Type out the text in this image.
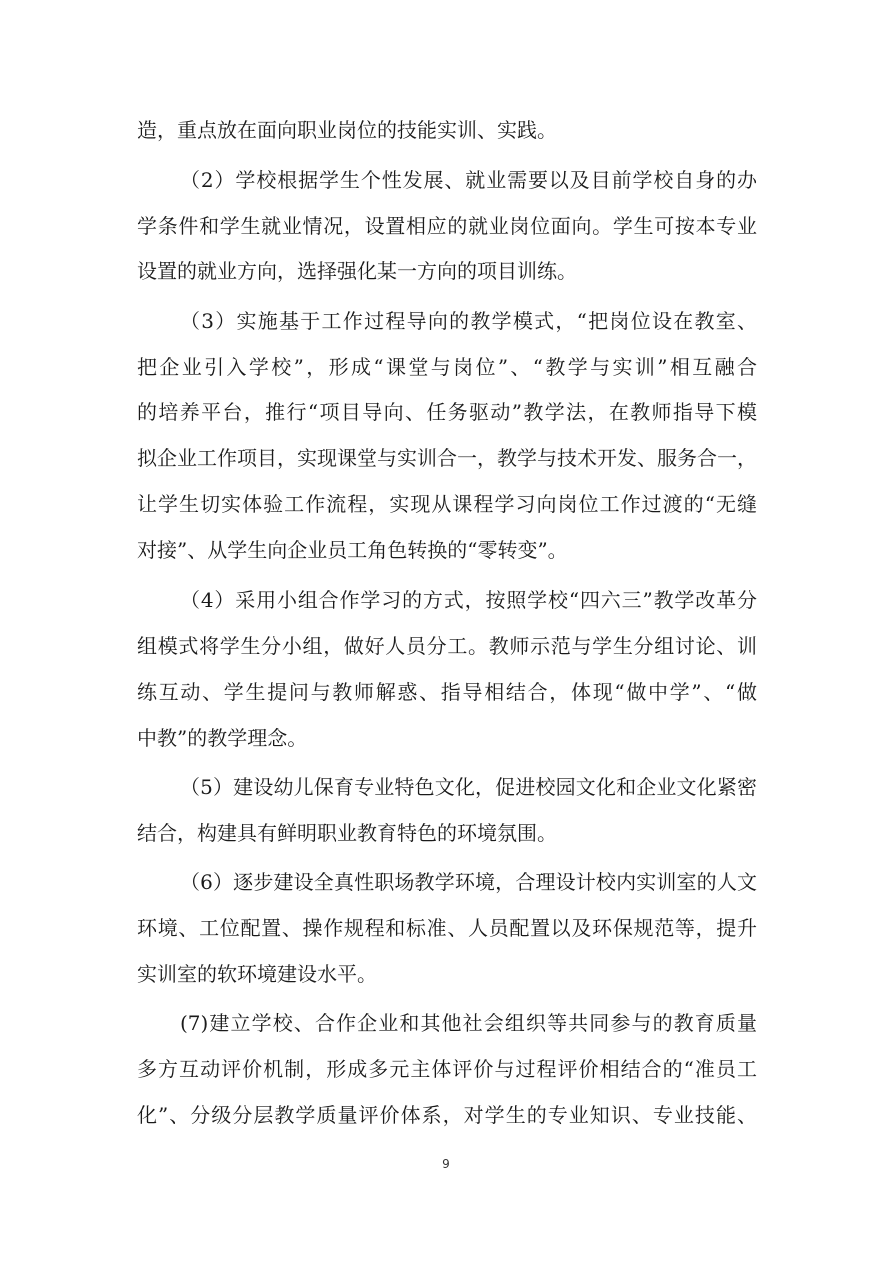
造，重点放在面向职业岗位的技能实训、实践。
（2）学校根据学生个性发展、就业需要以及目前学校自身的办
学条件和学生就业情况，设置相应的就业岗位面向。学生可按本专业
设置的就业方向，选择强化某一方向的项目训练。
（3）实施基于工作过程导向的教学模式，“把岗位设在教室、
把企业引入学校”，形成“课堂与岗位”、“教学与实训”相互融合
的培养平台，推行“项目导向、任务驱动”教学法，在教师指导下模
拟企业工作项目，实现课堂与实训合一，教学与技术开发、服务合一，
让学生切实体验工作流程，实现从课程学习向岗位工作过渡的“无缝
对接”、从学生向企业员工角色转换的“零转变”。
（4）采用小组合作学习的方式，按照学校“四六三”教学改革分
组模式将学生分小组，做好人员分工。教师示范与学生分组讨论、训
练互动、学生提问与教师解惑、指导相结合，体现“做中学”、“做
中教”的教学理念。
（5）建设幼儿保育专业特色文化，促进校园文化和企业文化紧密
结合，构建具有鲜明职业教育特色的环境氛围。
（6）逐步建设全真性职场教学环境，合理设计校内实训室的人文
环境、工位配置、操作规程和标准、人员配置以及环保规范等，提升
实训室的软环境建设水平。
(7)建立学校、合作企业和其他社会组织等共同参与的教育质量
多方互动评价机制，形成多元主体评价与过程评价相结合的“准员工
化”、分级分层教学质量评价体系，对学生的专业知识、专业技能、
9
